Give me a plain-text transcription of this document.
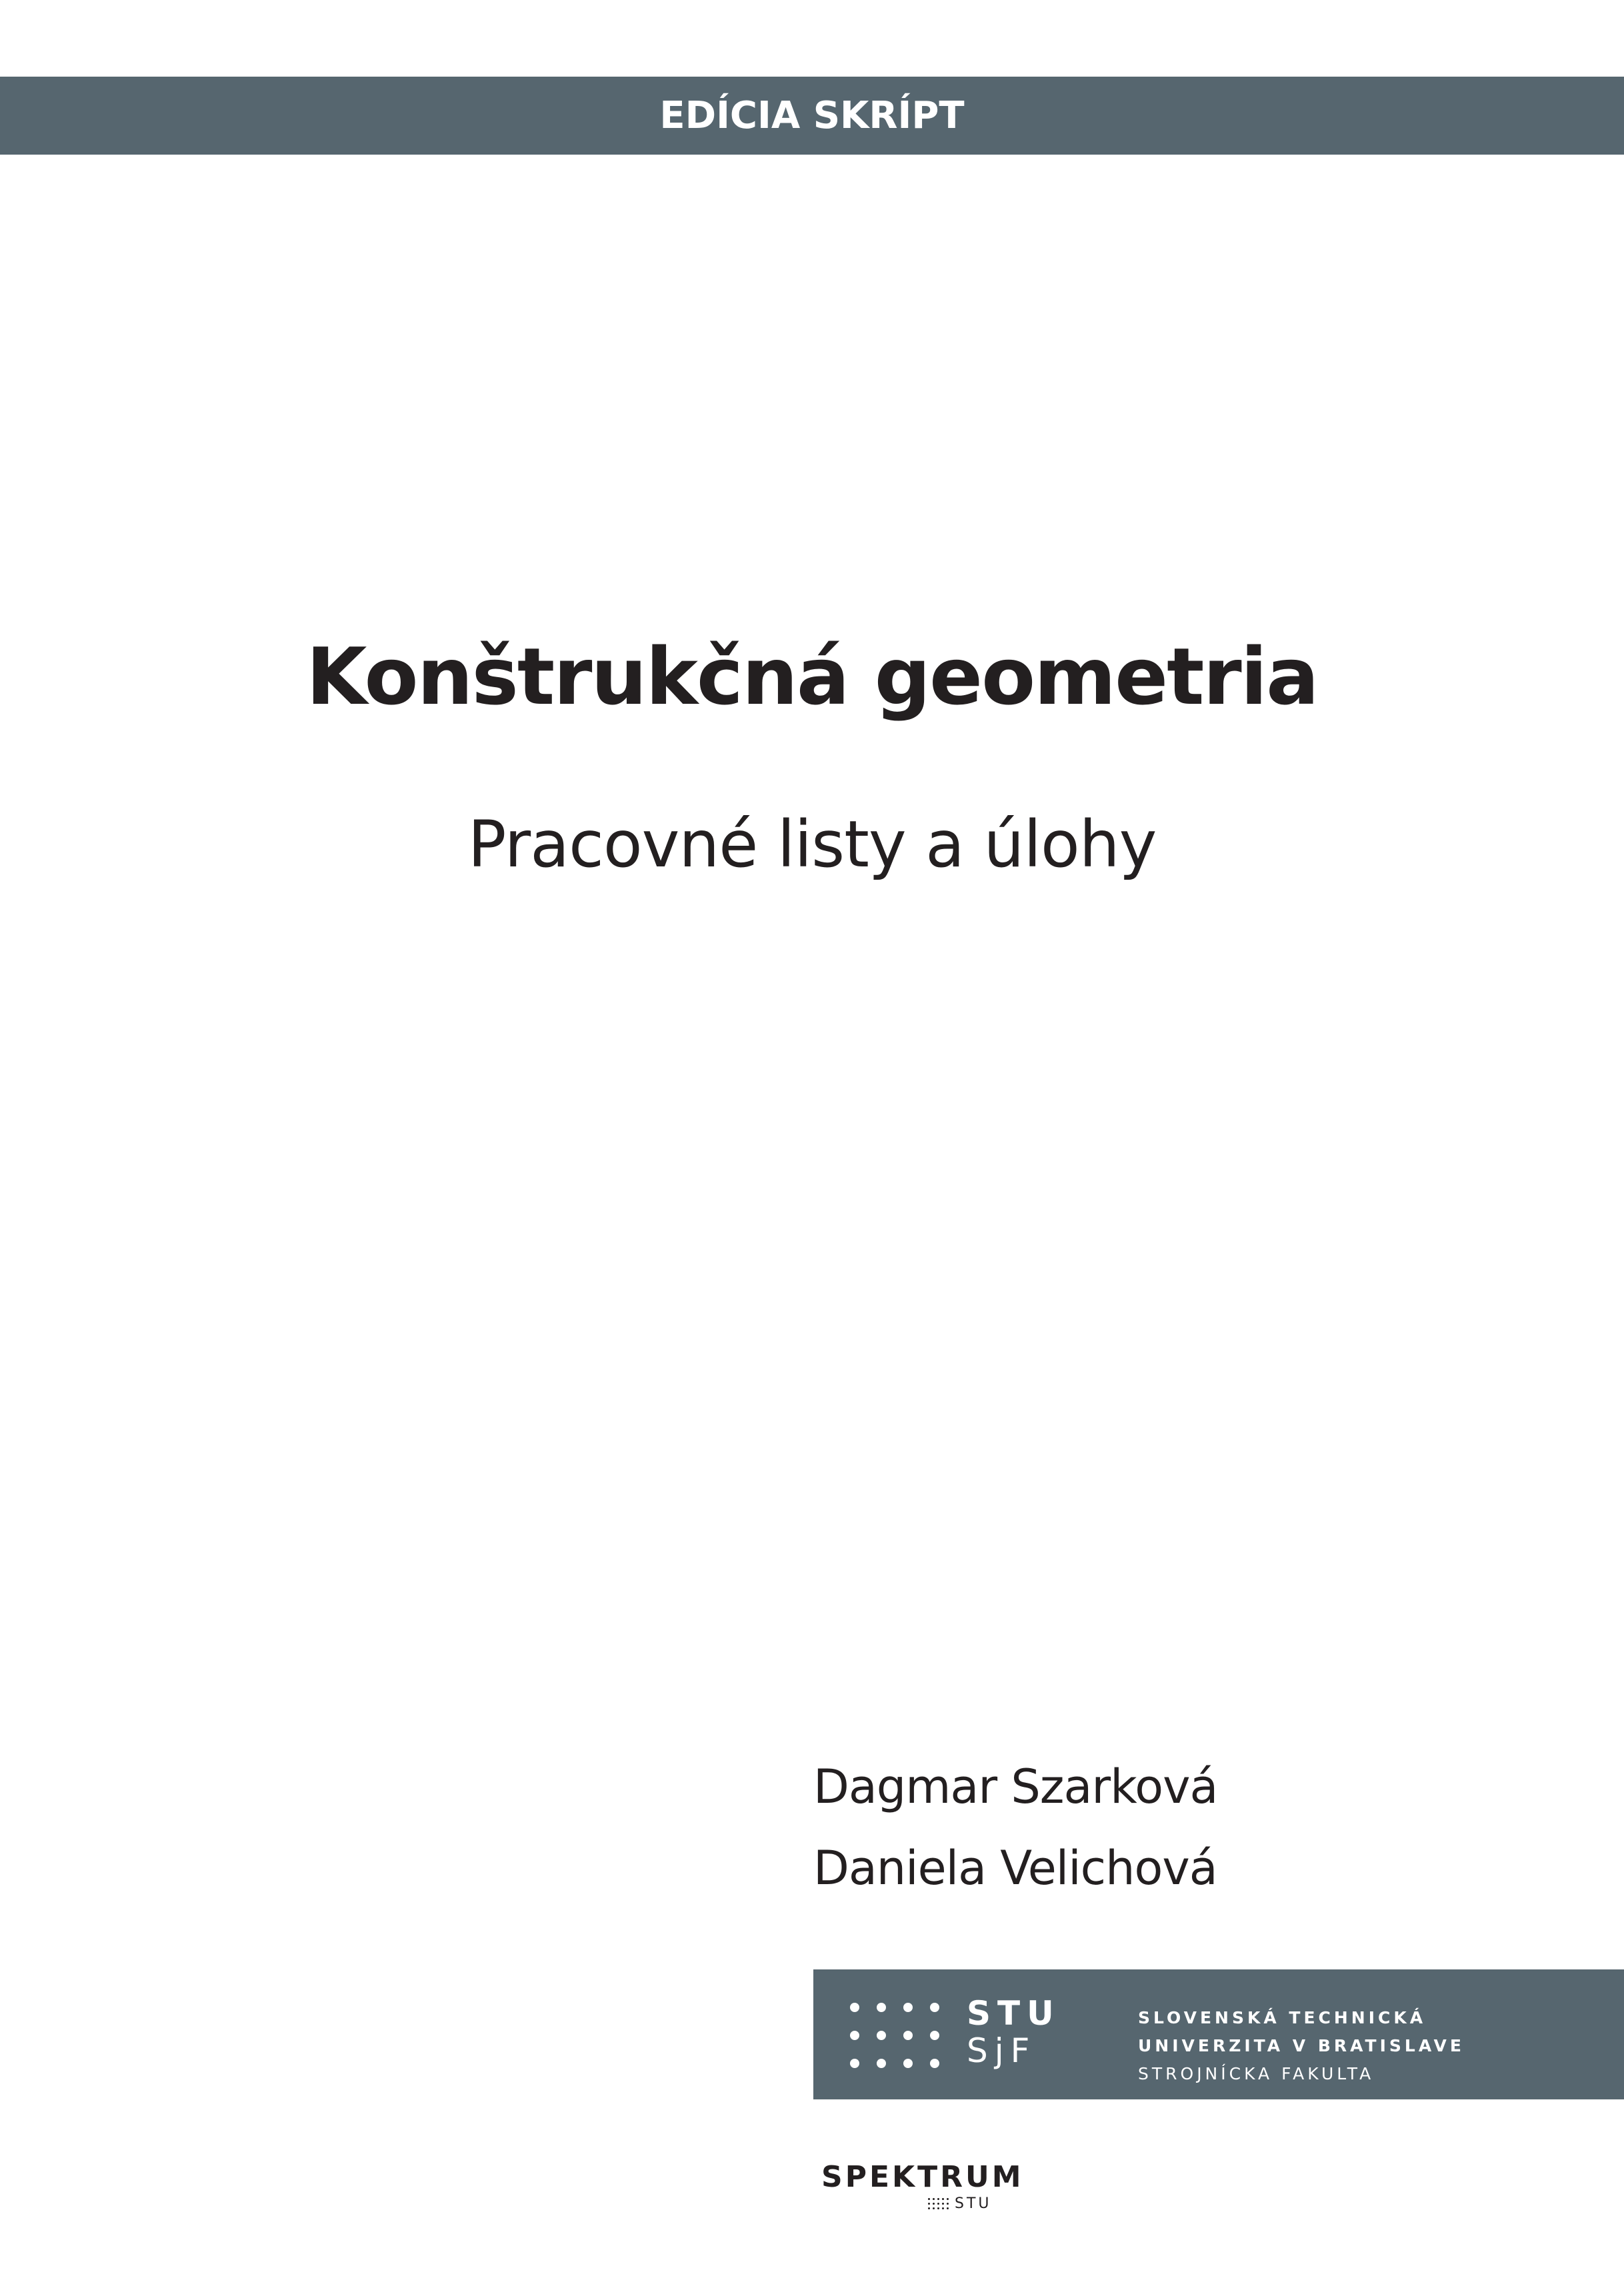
EDÍCIA SKRÍPT
Konštrukčná geometria
Pracovné listy a úlohy
Dagmar Szarková
Daniela Velichová
STU
SjF
SLOVENSKÁ TECHNICKÁ
UNIVERZITA V BRATISLAVE
STROJNÍCKA FAKULTA
SPEKTRUM
STU
